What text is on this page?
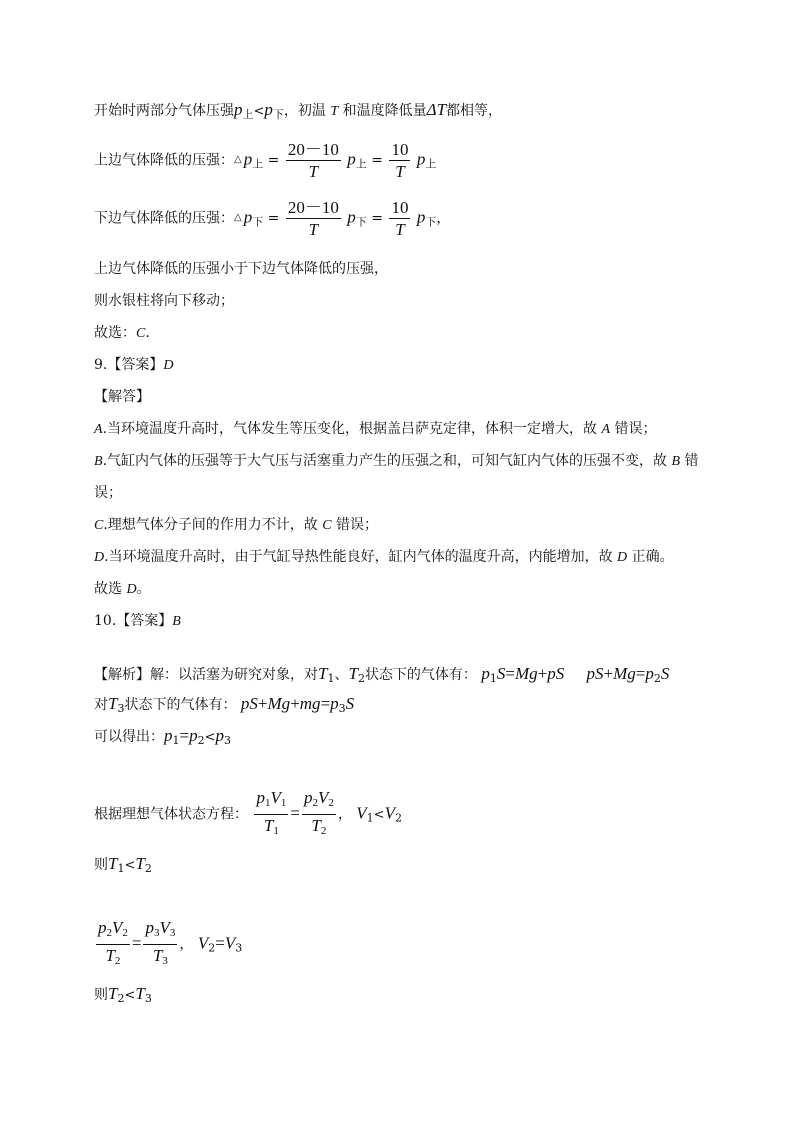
开始时两部分气体压强$p_上<p_下$，初温 T 和温度降低量ΔT都相等，
上边气体降低的压强：△ $p_上 = \frac{20-10}{T} p_上 = \frac{10}{T} p_上$
下边气体降低的压强：△ $p_下 = \frac{20-10}{T} p_下 = \frac{10}{T} p_下$，
上边气体降低的压强小于下边气体降低的压强，
则水银柱将向下移动；
故选：C.
9.【答案】D
【解答】
A.当环境温度升高时，气体发生等压变化，根据盖吕萨克定律，体积一定增大，故 A 错误；
B.气缸内气体的压强等于大气压与活塞重力产生的压强之和，可知气缸内气体的压强不变，故 B 错
误；
C.理想气体分子间的作用力不计，故 C 错误；
D.当环境温度升高时，由于气缸导热性能良好，缸内气体的温度升高，内能增加，故 D 正确。
故选 D。
10.【答案】B
【解析】解：以活塞为研究对象，对$T_1$、$T_2$状态下的气体有： $p_1S=Mg+pS$ $pS+Mg=p_2S$
对$T_3$状态下的气体有： $pS+Mg+mg=p_3S$
可以得出：$p_1=p_2<p_3$
根据理想气体状态方程： $\frac{p_1V_1}{T_1} = \frac{p_2V_2}{T_2}$ ， $V_1<V_2$
则$T_1<T_2$
$\frac{p_2V_2}{T_2} = \frac{p_3V_3}{T_3}$ ， $V_2=V_3$
则$T_2<T_3$
